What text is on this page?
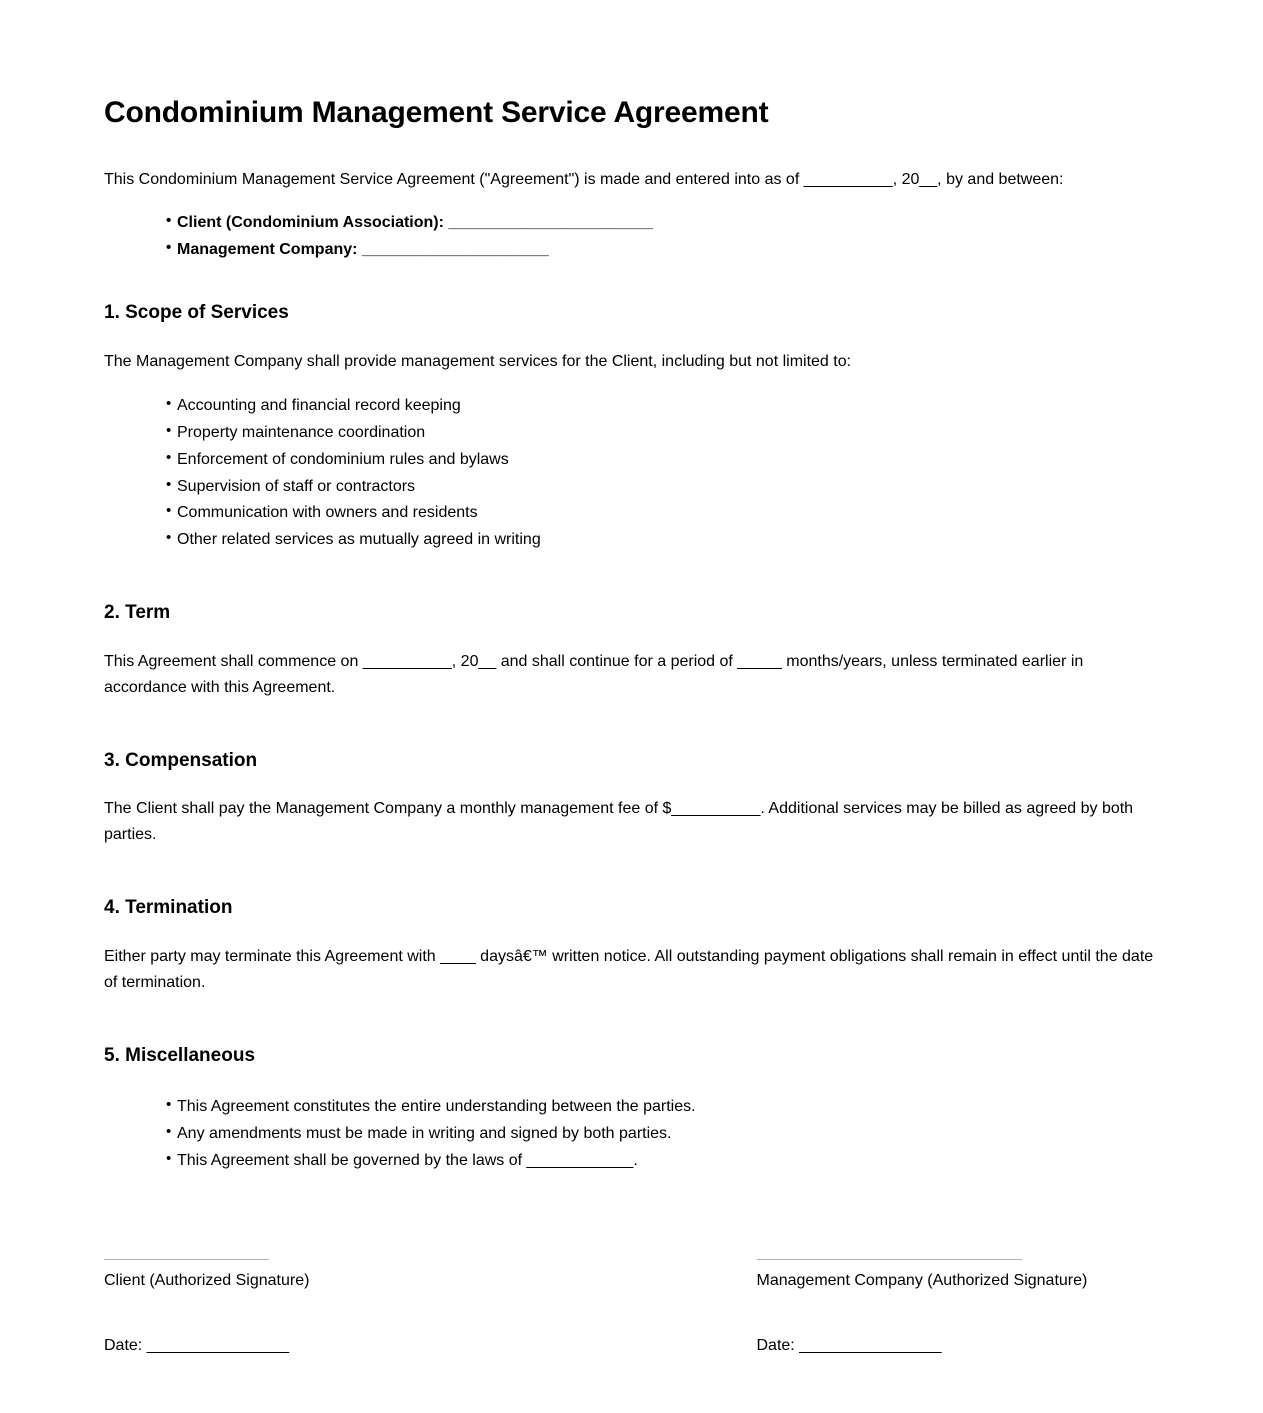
Condominium Management Service Agreement

This Condominium Management Service Agreement ("Agreement") is made and entered into as of __________, 20__, by and between:

• Client (Condominium Association): _______________________
• Management Company: _____________________
1. Scope of Services

The Management Company shall provide management services for the Client, including but not limited to:

• Accounting and financial record keeping
• Property maintenance coordination
• Enforcement of condominium rules and bylaws
• Supervision of staff or contractors
• Communication with owners and residents
• Other related services as mutually agreed in writing
2. Term

This Agreement shall commence on __________, 20__ and shall continue for a period of _____ months/years, unless terminated earlier in accordance with this Agreement.

3. Compensation

The Client shall pay the Management Company a monthly management fee of $__________. Additional services may be billed as agreed by both parties.

4. Termination

Either party may terminate this Agreement with ____ daysâ€™ written notice. All outstanding payment obligations shall remain in effect until the date of termination.

5. Miscellaneous
• This Agreement constitutes the entire understanding between the parties.
• Any amendments must be made in writing and signed by both parties.
• This Agreement shall be governed by the laws of ____________.

Client (Authorized Signature)

Date: ________________

Management Company (Authorized Signature)

Date: ________________
